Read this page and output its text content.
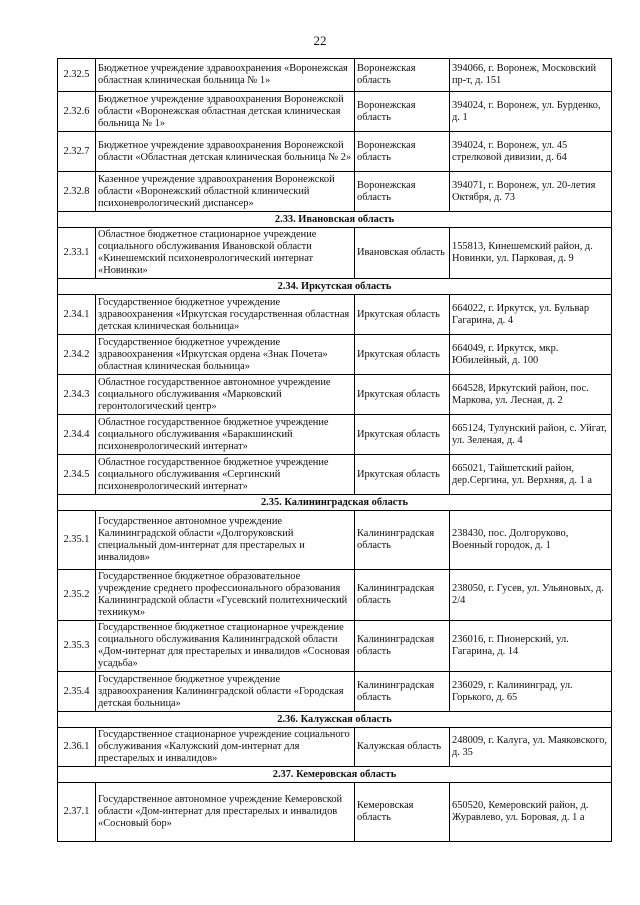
22
2.32.5	Бюджетное учреждение здравоохранения «Воронежская областная клиническая больница № 1»	Воронежская область	394066, г. Воронеж, Московский пр-т, д. 151
2.32.6	Бюджетное учреждение здравоохранения Воронежской области «Воронежская областная детская клиническая больница № 1»	Воронежская область	394024, г. Воронеж, ул. Бурденко, д. 1
2.32.7	Бюджетное учреждение здравоохранения Воронежской области «Областная детская клиническая больница № 2»	Воронежская область	394024, г. Воронеж, ул. 45 стрелковой дивизии, д. 64
2.32.8	Казенное учреждение здравоохранения Воронежской области «Воронежский областной клинический психоневрологический диспансер»	Воронежская область	394071, г. Воронеж, ул. 20-летия Октября, д. 73
2.33. Ивановская область			
2.33.1	Областное бюджетное стационарное учреждение социального обслуживания Ивановской области «Кинешемский психоневрологический интернат «Новинки»	Ивановская область	155813, Кинешемский район, д. Новинки, ул. Парковая, д. 9
2.34. Иркутская область			
2.34.1	Государственное бюджетное учреждение здравоохранения «Иркутская государственная областная детская клиническая больница»	Иркутская область	664022, г. Иркутск, ул. Бульвар Гагарина, д. 4
2.34.2	Государственное бюджетное учреждение здравоохранения «Иркутская ордена «Знак Почета» областная клиническая больница»	Иркутская область	664049, г. Иркутск, мкр. Юбилейный, д. 100
2.34.3	Областное государственное автономное учреждение социального обслуживания «Марковский геронтологический центр»	Иркутская область	664528, Иркутский район, пос. Маркова, ул. Лесная, д. 2
2.34.4	Областное государственное бюджетное учреждение социального обслуживания «Баракшинский психоневрологический интернат»	Иркутская область	665124, Тулунский район, с. Уйгат, ул. Зеленая, д. 4
2.34.5	Областное государственное бюджетное учреждение социального обслуживания «Сергинский психоневрологический интернат»	Иркутская область	665021, Тайшетский район, дер.Сергина, ул. Верхняя, д. 1 а
2.35. Калининградская область			
2.35.1	Государственное автономное учреждение Калининградской области «Долгоруковский специальный дом-интернат для престарелых и инвалидов»	Калининградская область	238430, пос. Долгоруково, Военный городок, д. 1
2.35.2	Государственное бюджетное образовательное учреждение среднего профессионального образования Калининградской области «Гусевский политехнический техникум»	Калининградская область	238050, г. Гусев, ул. Ульяновых, д. 2/4
2.35.3	Государственное бюджетное стационарное учреждение социального обслуживания Калининградской области «Дом-интернат для престарелых и инвалидов «Сосновая усадьба»	Калининградская область	236016, г. Пионерский, ул. Гагарина, д. 14
2.35.4	Государственное бюджетное учреждение здравоохранения Калининградской области «Городская детская больница»	Калининградская область	236029, г. Калининград, ул. Горького, д. 65
2.36. Калужская область			
2.36.1	Государственное стационарное учреждение социального обслуживания «Калужский дом-интернат для престарелых и инвалидов»	Калужская область	248009, г. Калуга, ул. Маяковского, д. 35
2.37. Кемеровская область			
2.37.1	Государственное автономное учреждение Кемеровской области «Дом-интернат для престарелых и инвалидов «Сосновый бор»	Кемеровская область	650520, Кемеровский район, д. Журавлево, ул. Боровая, д. 1 а
